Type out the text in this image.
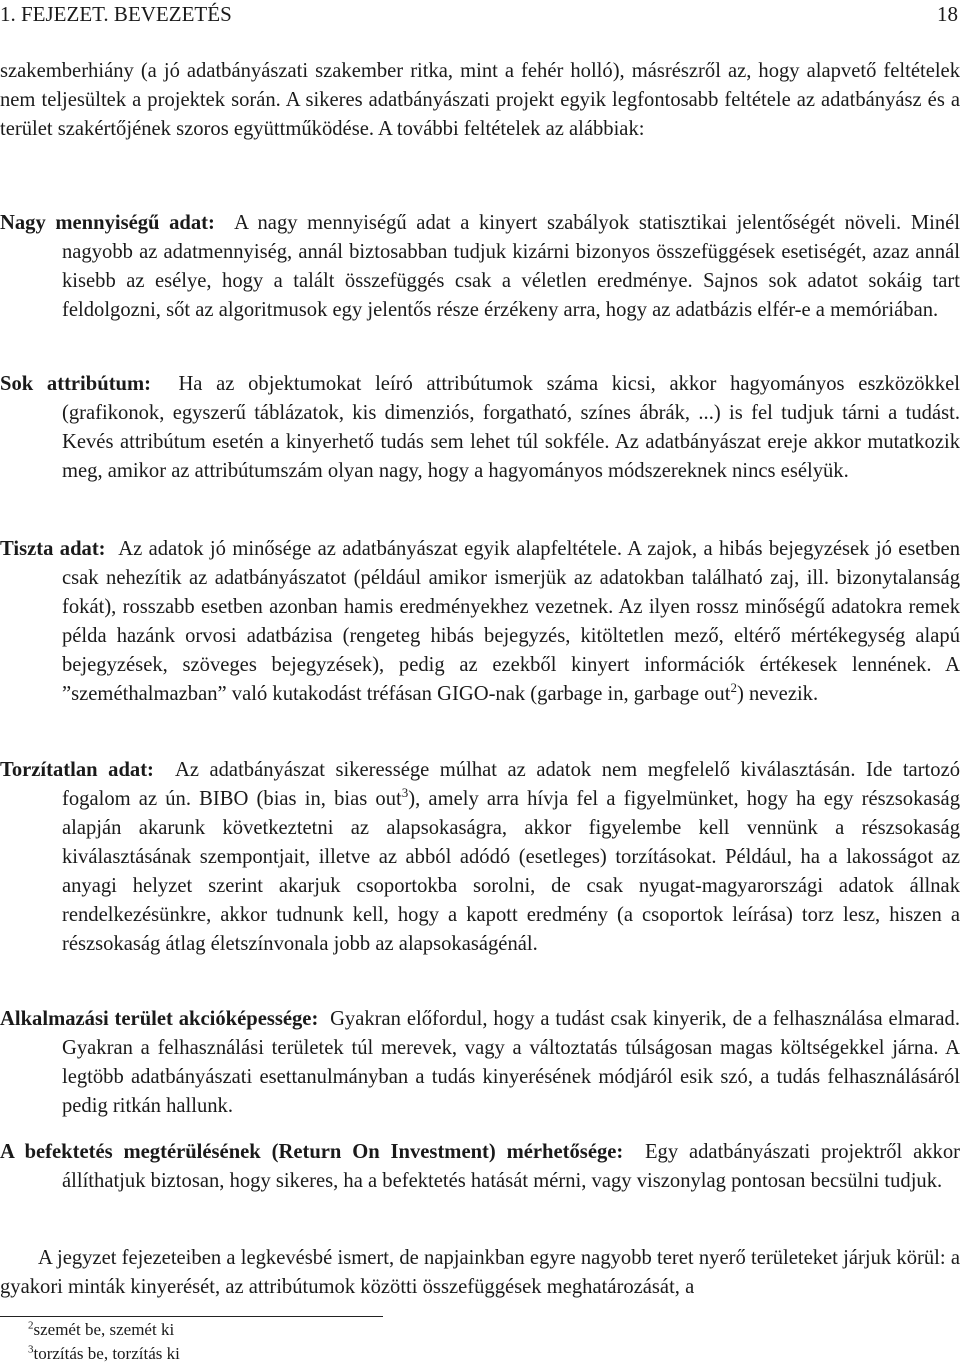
1. FEJEZET. BEVEZETÉS	18

szakemberhiány (a jó adatbányászati szakember ritka, mint a fehér holló), másrészről az, hogy alapvető feltételek nem teljesültek a projektek során. A sikeres adatbányászati projekt egyik legfontosabb feltétele az adatbányász és a terület szakértőjének szoros együttműködése. A további feltételek az alábbiak:

Nagy mennyiségű adat: A nagy mennyiségű adat a kinyert szabályok statisztikai jelentőségét növeli. Minél nagyobb az adatmennyiség, annál biztosabban tudjuk kizárni bizonyos összefüggések esetiségét, azaz annál kisebb az esélye, hogy a talált összefüggés csak a véletlen eredménye. Sajnos sok adatot sokáig tart feldolgozni, sőt az algoritmusok egy jelentős része érzékeny arra, hogy az adatbázis elfér-e a memóriában.

Sok attribútum: Ha az objektumokat leíró attribútumok száma kicsi, akkor hagyományos eszközökkel (grafikonok, egyszerű táblázatok, kis dimenziós, forgatható, színes ábrák, ...) is fel tudjuk tárni a tudást. Kevés attribútum esetén a kinyerhető tudás sem lehet túl sokféle. Az adatbányászat ereje akkor mutatkozik meg, amikor az attribútumszám olyan nagy, hogy a hagyományos módszereknek nincs esélyük.

Tiszta adat: Az adatok jó minősége az adatbányászat egyik alapfeltétele. A zajok, a hibás bejegyzések jó esetben csak nehezítik az adatbányászatot (például amikor ismerjük az adatokban található zaj, ill. bizonytalanság fokát), rosszabb esetben azonban hamis eredményekhez vezetnek. Az ilyen rossz minőségű adatokra remek példa hazánk orvosi adatbázisa (rengeteg hibás bejegyzés, kitöltetlen mező, eltérő mértékegység alapú bejegyzések, szöveges bejegyzések), pedig az ezekből kinyert információk értékesek lennének. A ”szeméthalmazban” való kutakodást tréfásan GIGO-nak (garbage in, garbage out$^2$) nevezik.

Torzítatlan adat: Az adatbányászat sikeressége múlhat az adatok nem megfelelő kiválasztásán. Ide tartozó fogalom az ún. BIBO (bias in, bias out$^3$), amely arra hívja fel a figyelmünket, hogy ha egy részsokaság alapján akarunk következtetni az alapsokaságra, akkor figyelembe kell vennünk a részsokaság kiválasztásának szempontjait, illetve az abból adódó (esetleges) torzításokat. Például, ha a lakosságot az anyagi helyzet szerint akarjuk csoportokba sorolni, de csak nyugat-magyarországi adatok állnak rendelkezésünkre, akkor tudnunk kell, hogy a kapott eredmény (a csoportok leírása) torz lesz, hiszen a részsokaság átlag életszínvonala jobb az alapsokaságénál.

Alkalmazási terület akcióképessége: Gyakran előfordul, hogy a tudást csak kinyerik, de a felhasználása elmarad. Gyakran a felhasználási területek túl merevek, vagy a változtatás túlságosan magas költségekkel járna. A legtöbb adatbányászati esettanulmányban a tudás kinyerésének módjáról esik szó, a tudás felhasználásáról pedig ritkán hallunk.

A befektetés megtérülésének (Return On Investment) mérhetősége: Egy adatbányászati projektről akkor állíthatjuk biztosan, hogy sikeres, ha a befektetés hatását mérni, vagy viszonylag pontosan becsülni tudjuk.

A jegyzet fejezeteiben a legkevésbé ismert, de napjainkban egyre nagyobb teret nyerő területeket járjuk körül: a gyakori minták kinyerését, az attribútumok közötti összefüggések meghatározását, a

$^2$szemét be, szemét ki
$^3$torzítás be, torzítás ki
